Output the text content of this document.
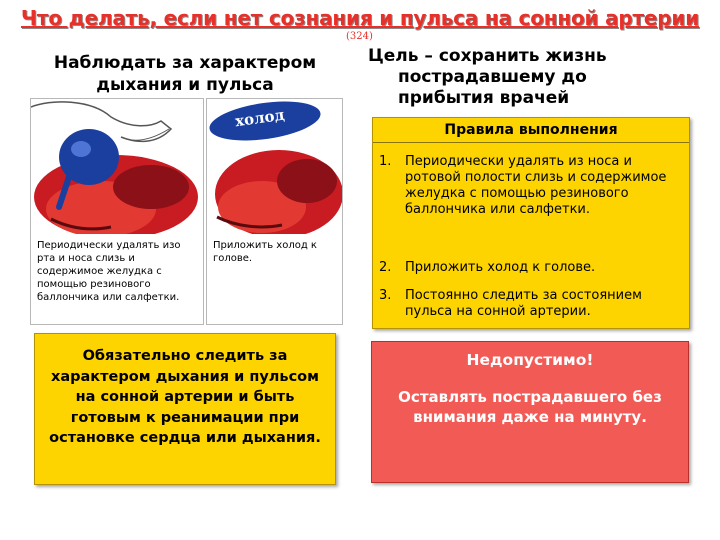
Что делать, если нет сознания и пульса на сонной артерии
(324)
Наблюдать за характером дыхания и пульса
Цель – сохранить жизнь
пострадавшему до
прибытия врачей
Периодически удалять изо рта и носа слизь и содержимое желудка с помощью резинового баллончика или салфетки.
холод
Приложить холод к голове.
Правила выполнения
1.	Периодически удалять из носа и ротовой полости слизь и содержимое желудка с помощью резинового баллончика или салфетки.
2.	Приложить холод к голове.
3.	Постоянно следить за состоянием пульса на сонной артерии.
Обязательно следить за характером дыхания и пульсом на сонной артерии и быть готовым к реанимации при остановке сердца или дыхания.
Недопустимо!
Оставлять пострадавшего без внимания даже на минуту.
